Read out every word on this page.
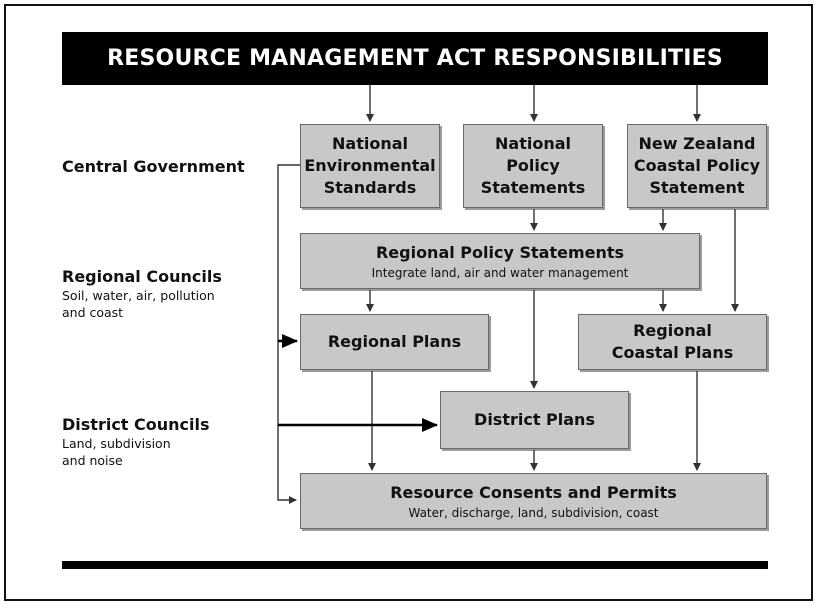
RESOURCE MANAGEMENT ACT RESPONSIBILITIES
Central Government
Regional Councils
Soil, water, air, pollution
and coast
District Councils
Land, subdivision
and noise
National
Environmental
Standards
National
Policy
Statements
New Zealand
Coastal Policy
Statement
Regional Policy Statements
Integrate land, air and water management
Regional Plans
Regional
Coastal Plans
District Plans
Resource Consents and Permits
Water, discharge, land, subdivision, coast
